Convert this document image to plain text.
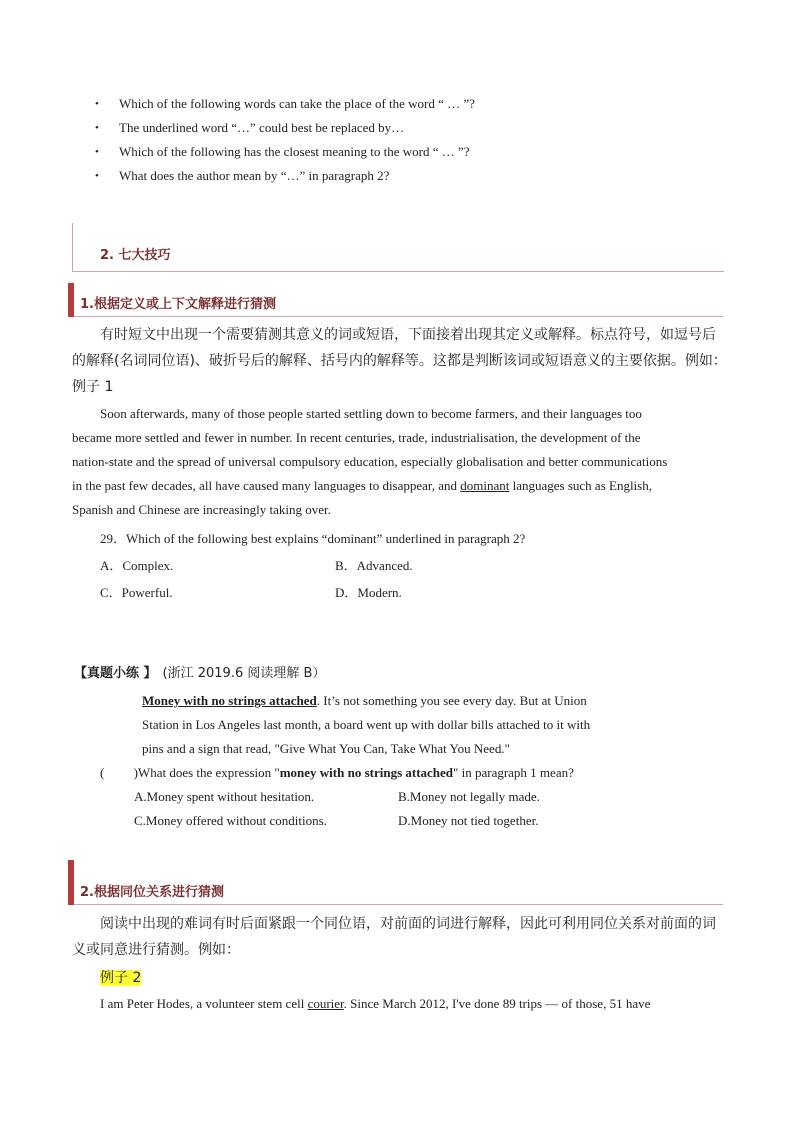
• Which of the following words can take the place of the word “ … ”?
• The underlined word “…” could best be replaced by…
• Which of the following has the closest meaning to the word “ … ”?
• What does the author mean by “…” in paragraph 2?
2. 七大技巧
1.根据定义或上下文解释进行猜测
有时短文中出现一个需要猜测其意义的词或短语，下面接着出现其定义或解释。标点符号，如逗号后
的解释(名词同位语)、破折号后的解释、括号内的解释等。这都是判断该词或短语意义的主要依据。例如：
例子 1
Soon afterwards, many of those people started settling down to become farmers, and their languages too
became more settled and fewer in number. In recent centuries, trade, industrialisation, the development of the
nation-state and the spread of universal compulsory education, especially globalisation and better communications
in the past few decades, all have caused many languages to disappear, and dominant languages such as English,
Spanish and Chinese are increasingly taking over.
29．Which of the following best explains “dominant” underlined in paragraph 2?
A．Complex.	B．Advanced.
C．Powerful.	D．Modern.
【真题小练 】 (浙江 2019.6 阅读理解 B）
Money with no strings attached. It’s not something you see every day. But at Union
Station in Los Angeles last month, a board went up with dollar bills attached to it with
pins and a sign that read, "Give What You Can, Take What You Need."
(         )What does the expression "money with no strings attached" in paragraph 1 mean?
A.Money spent without hesitation.	B.Money not legally made.
C.Money offered without conditions.	D.Money not tied together.
2.根据同位关系进行猜测
阅读中出现的难词有时后面紧跟一个同位语，对前面的词进行解释，因此可利用同位关系对前面的词
义或同意进行猜测。例如：
例子 2
I am Peter Hodes, a volunteer stem cell courier. Since March 2012, I've done 89 trips — of those, 51 have
